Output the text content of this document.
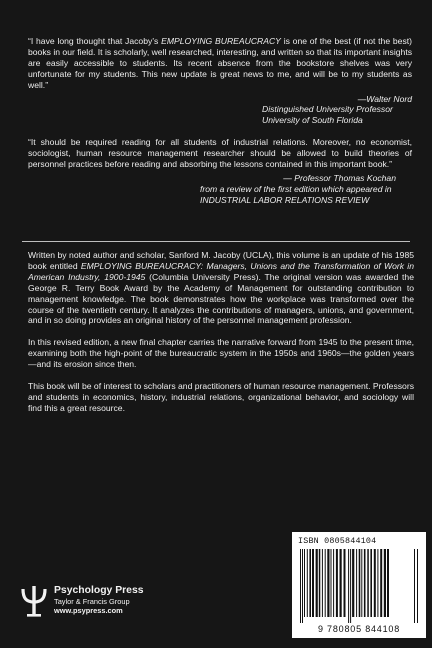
“I have long thought that Jacoby’s EMPLOYING BUREAUCRACY is one of the best (if not the best) books in our field. It is scholarly, well researched, interesting, and written so that its important insights are easily accessible to students. Its recent absence from the bookstore shelves was very unfortunate for my students. This new update is great news to me, and will be to my students as well.”

—Walter Nord
Distinguished University Professor
University of South Florida

“It should be required reading for all students of industrial relations. Moreover, no economist, sociologist, human resource management researcher should be allowed to build theories of personnel practices before reading and absorbing the lessons contained in this important book.”

— Professor Thomas Kochan
from a review of the first edition which appeared in
INDUSTRIAL LABOR RELATIONS REVIEW

Written by noted author and scholar, Sanford M. Jacoby (UCLA), this volume is an update of his 1985 book entitled EMPLOYING BUREAUCRACY: Managers, Unions and the Transformation of Work in American Industry, 1900-1945 (Columbia University Press). The original version was awarded the George R. Terry Book Award by the Academy of Management for outstanding contribution to management knowledge. The book demonstrates how the workplace was transformed over the course of the twentieth century. It analyzes the contributions of managers, unions, and government, and in so doing provides an original history of the personnel management profession.

In this revised edition, a new final chapter carries the narrative forward from 1945 to the present time, examining both the high-point of the bureaucratic system in the 1950s and 1960s—the golden years—and its erosion since then.

This book will be of interest to scholars and practitioners of human resource management. Professors and students in economics, history, industrial relations, organizational behavior, and sociology will find this a great resource.

Psychology Press
Taylor & Francis Group
www.psypress.com
ISBN 0805844104
9 780805 844108
